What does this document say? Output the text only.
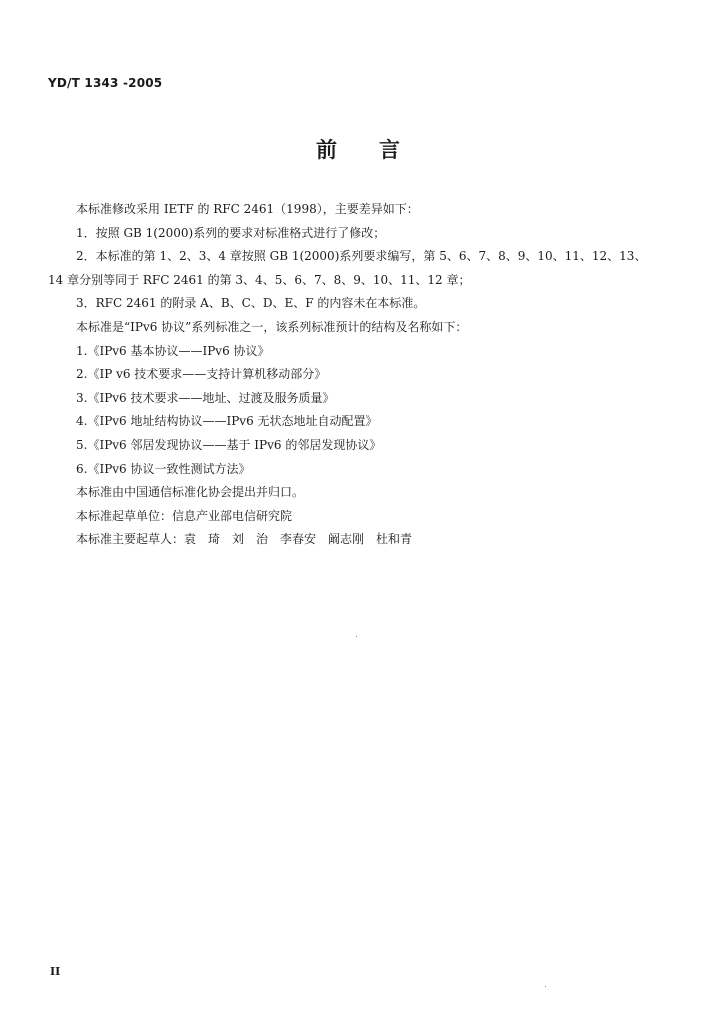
YD/T 1343 -2005
前　　言
本标准修改采用 IETF 的 RFC 2461（1998），主要差异如下：
1．按照 GB 1(2000)系列的要求对标准格式进行了修改；
2．本标准的第 1、2、3、4 章按照 GB 1(2000)系列要求编写，第 5、6、7、8、9、10、11、12、13、
14 章分别等同于 RFC 2461 的第 3、4、5、6、7、8、9、10、11、12 章；
3．RFC 2461 的附录 A、B、C、D、E、F 的内容未在本标准。
本标准是“IPv6 协议”系列标准之一，该系列标准预计的结构及名称如下：
1.《IPv6 基本协议——IPv6 协议》
2.《IP v6 技术要求——支持计算机移动部分》
3.《IPv6 技术要求——地址、过渡及服务质量》
4.《IPv6 地址结构协议——IPv6 无状态地址自动配置》
5.《IPv6 邻居发现协议——基于 IPv6 的邻居发现协议》
6.《IPv6 协议一致性测试方法》
本标准由中国通信标准化协会提出并归口。
本标准起草单位：信息产业部电信研究院
本标准主要起草人：袁　琦　刘　治　李春安　阚志刚　杜和青
II
